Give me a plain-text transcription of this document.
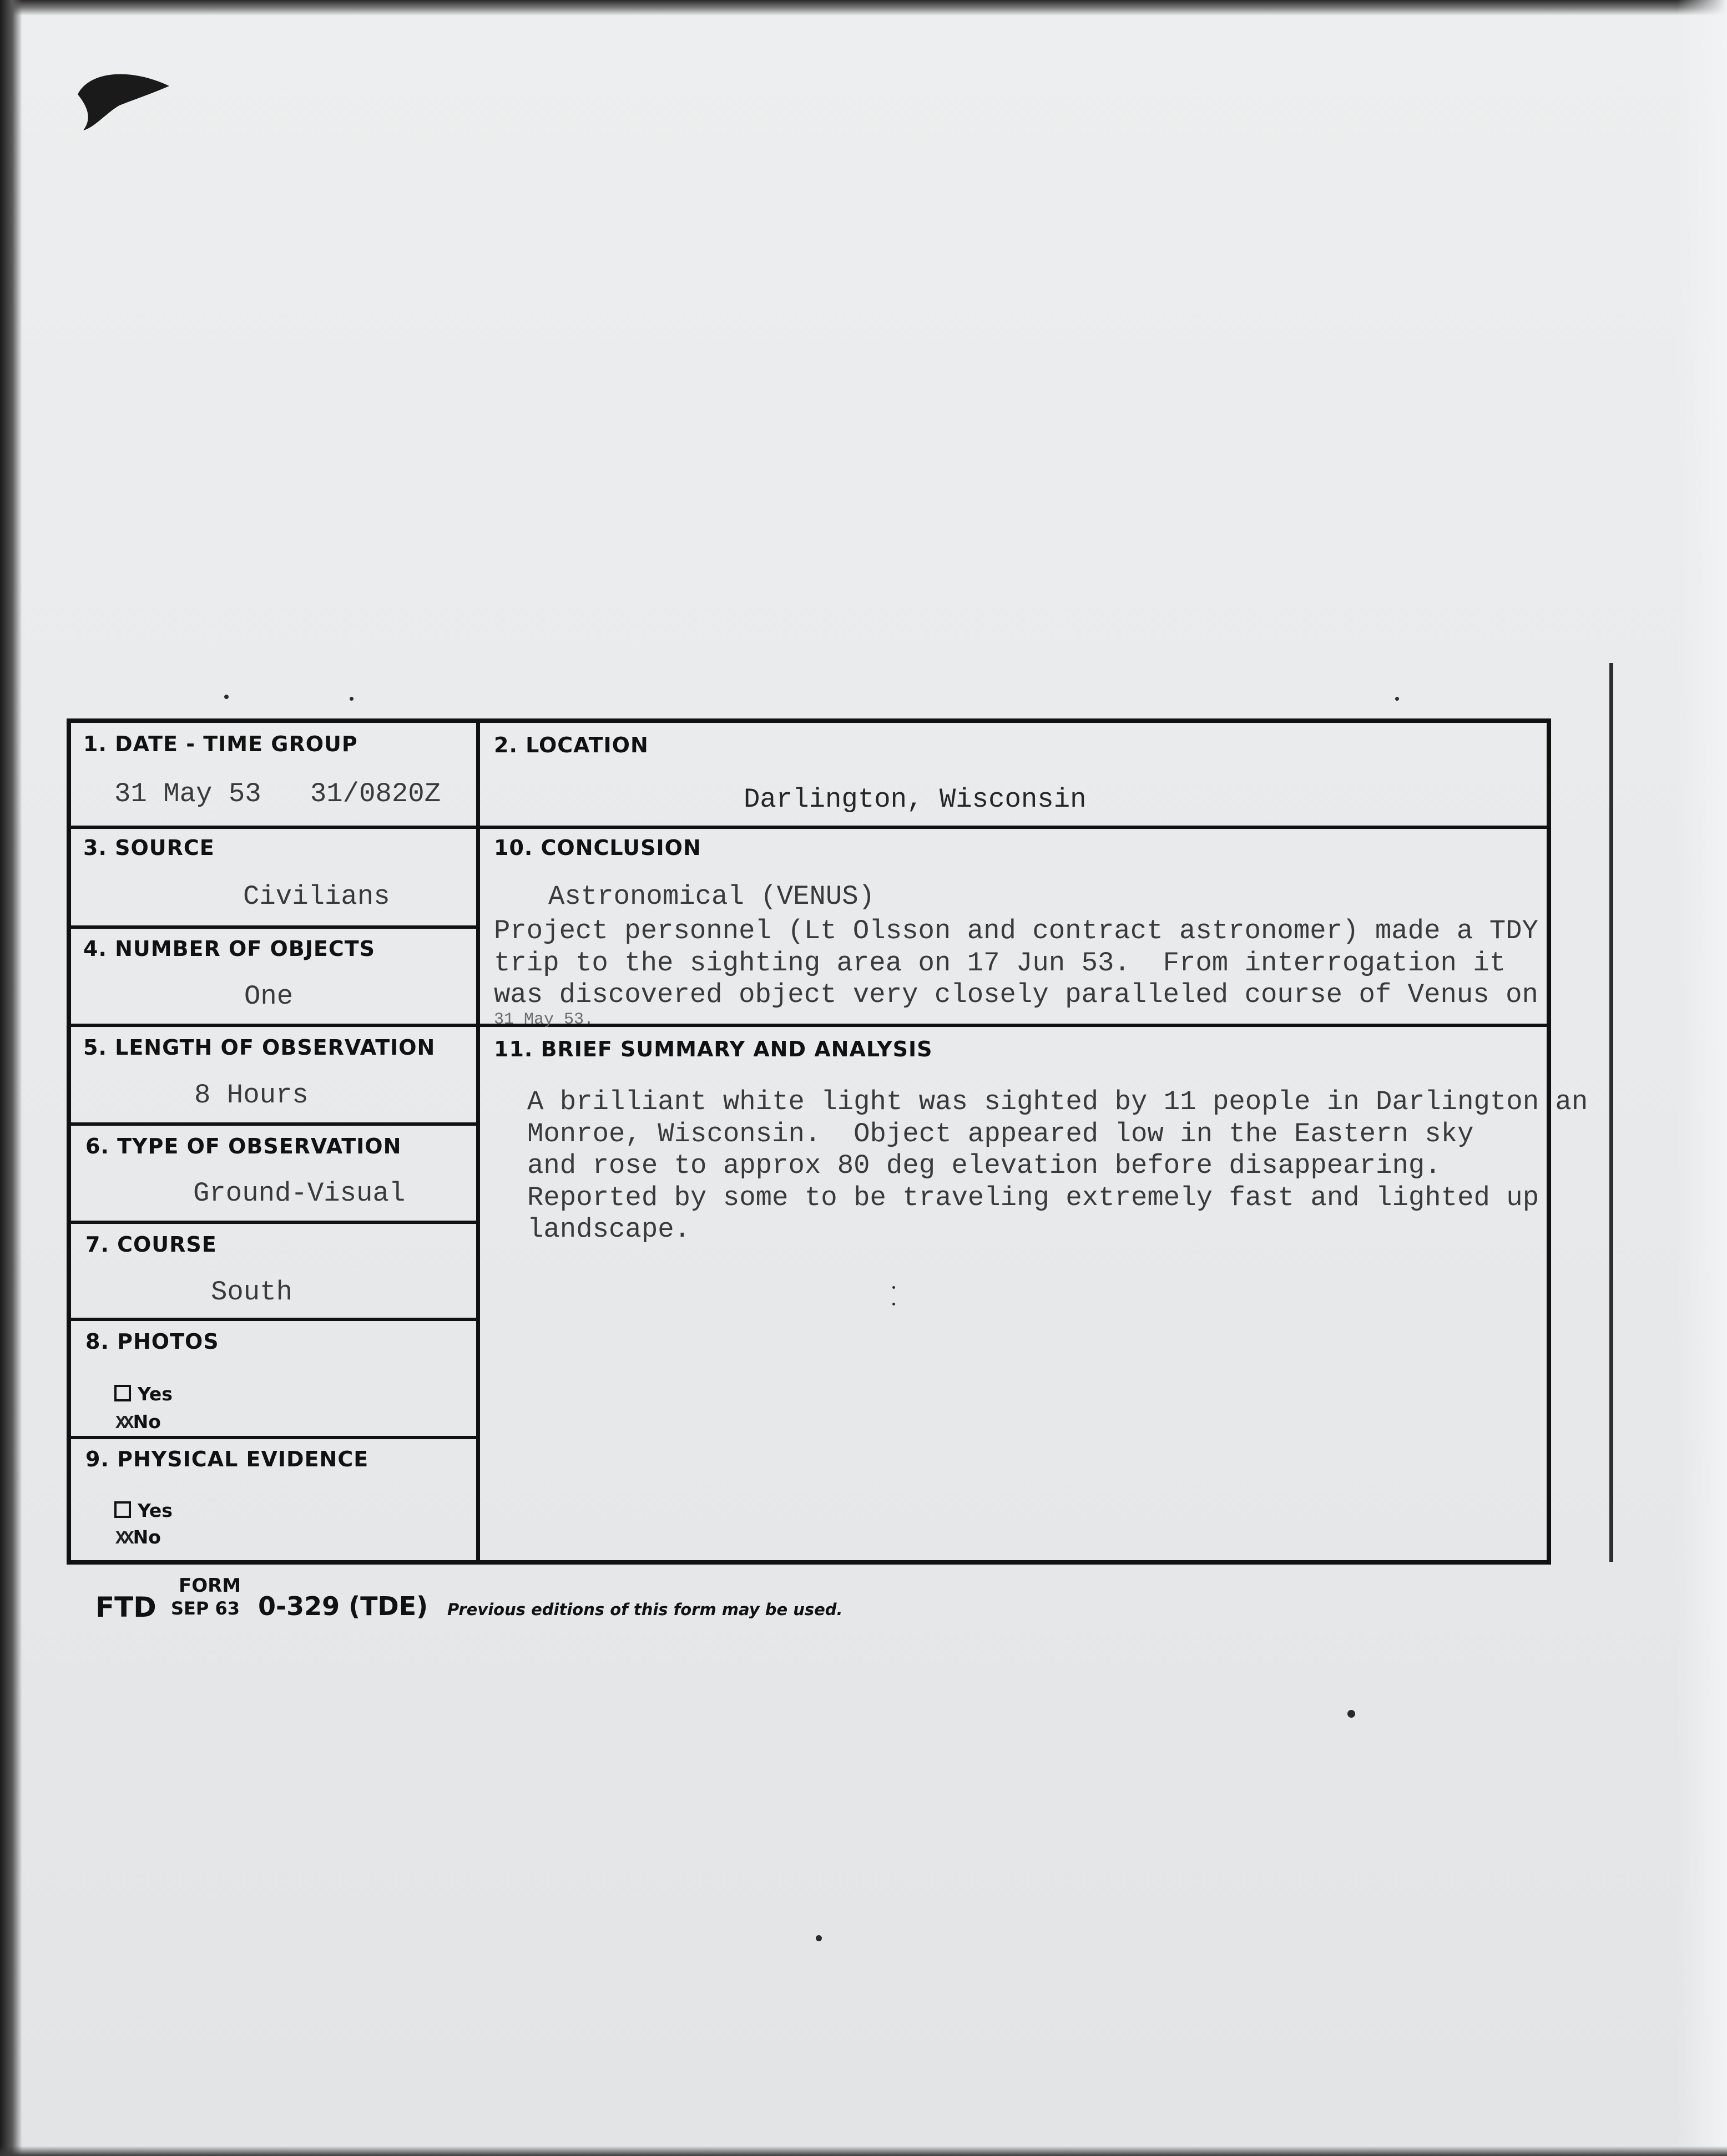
1. DATE - TIME GROUP
31 May 53   31/0820Z
2. LOCATION
Darlington, Wisconsin
3. SOURCE
Civilians
4. NUMBER OF OBJECTS
One
5. LENGTH OF OBSERVATION
8 Hours
6. TYPE OF OBSERVATION
Ground-Visual
7. COURSE
South
8. PHOTOS
Yes
XX No
9. PHYSICAL EVIDENCE
Yes
XX No
10. CONCLUSION
Astronomical (VENUS)
Project personnel (Lt Olsson and contract astronomer) made a TDY
trip to the sighting area on 17 Jun 53.  From interrogation it
was discovered object very closely paralleled course of Venus on
31 May 53.
11. BRIEF SUMMARY AND ANALYSIS
A brilliant white light was sighted by 11 people in Darlington an
Monroe, Wisconsin.  Object appeared low in the Eastern sky
and rose to approx 80 deg elevation before disappearing.
Reported by some to be traveling extremely fast and lighted up
landscape.
FORM
FTD SEP 63 0-329 (TDE) Previous editions of this form may be used.
